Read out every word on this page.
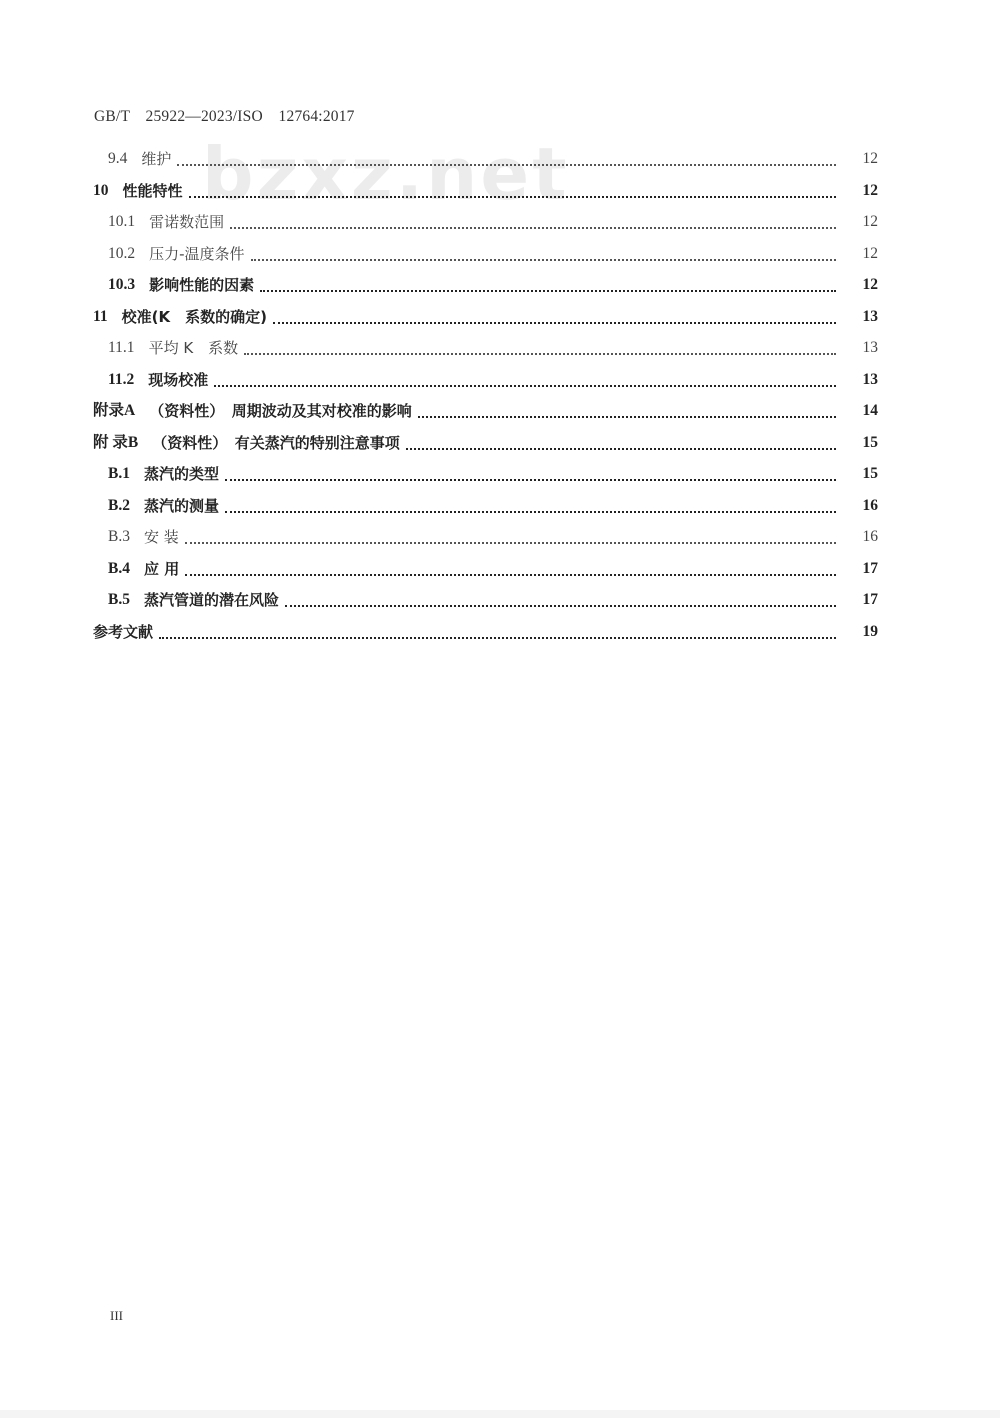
GB/T　25922—2023/ISO　12764:2017
bzxz.net
9.4 维护	12
10 性能特性	12
10.1 雷诺数范围	12
10.2 压力-温度条件	12
10.3 影响性能的因素	12
11 校准(K　系数的确定)	13
11.1 平均 K　系数	13
11.2 现场校准	13
附录A （资料性）　周期波动及其对校准的影响	14
附 录B （资料性）　有关蒸汽的特别注意事项	15
B.1 蒸汽的类型	15
B.2 蒸汽的测量	16
B.3 安 装	16
B.4 应 用	17
B.5 蒸汽管道的潜在风险	17
参考文献	19
III
